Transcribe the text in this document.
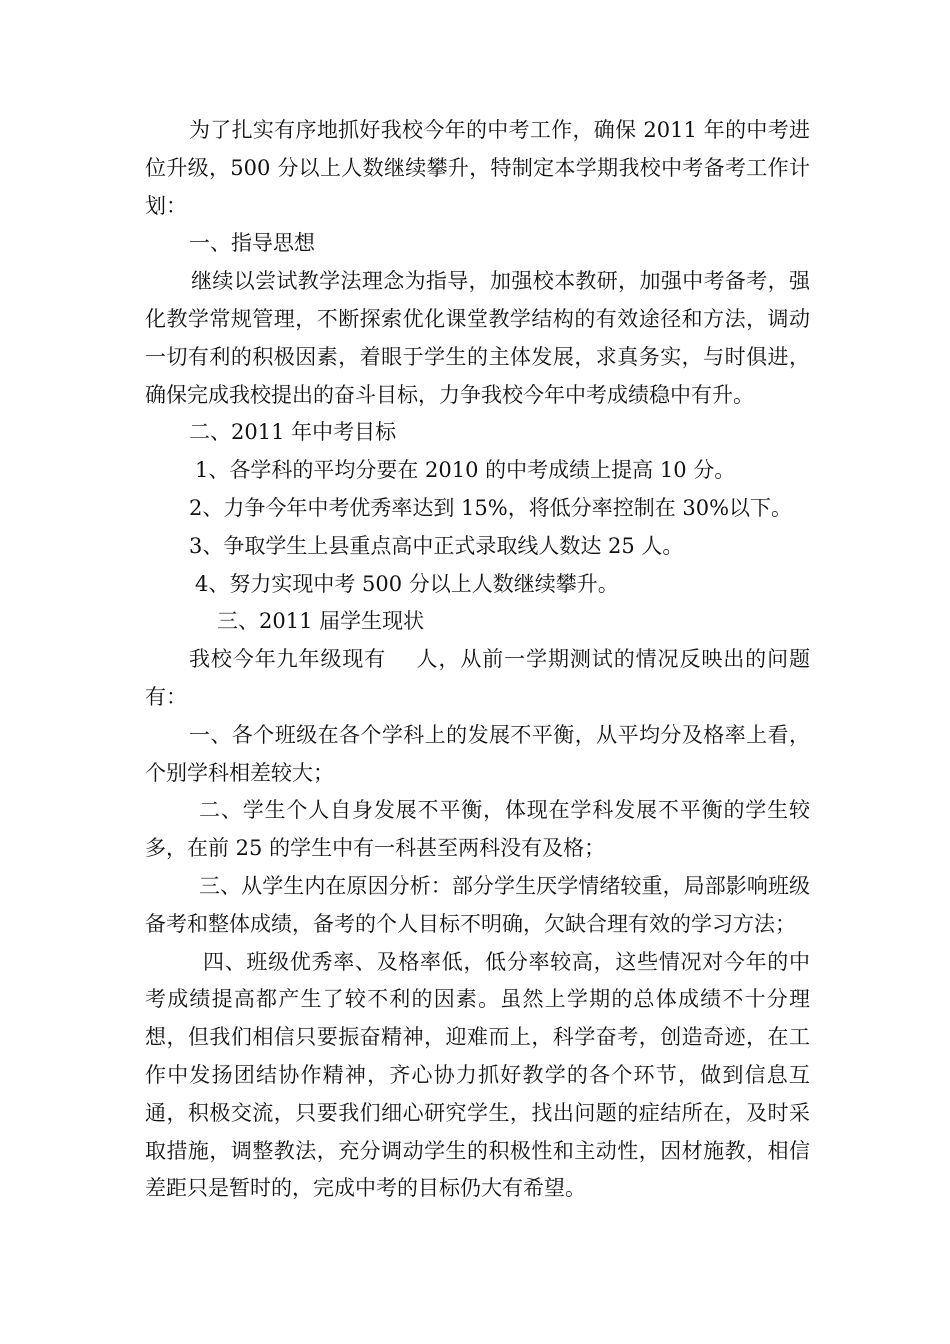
为了扎实有序地抓好我校今年的中考工作，确保 2011 年的中考进位升级，500 分以上人数继续攀升，特制定本学期我校中考备考工作计划：

一、指导思想

继续以尝试教学法理念为指导，加强校本教研，加强中考备考，强化教学常规管理，不断探索优化课堂教学结构的有效途径和方法，调动一切有利的积极因素，着眼于学生的主体发展，求真务实，与时俱进，确保完成我校提出的奋斗目标，力争我校今年中考成绩稳中有升。

二、2011 年中考目标

1、各学科的平均分要在 2010 的中考成绩上提高 10 分。

2、力争今年中考优秀率达到 15%，将低分率控制在 30%以下。

3、争取学生上县重点高中正式录取线人数达 25 人。

4、努力实现中考 500 分以上人数继续攀升。

三、2011 届学生现状

我校今年九年级现有    人，从前一学期测试的情况反映出的问题有：

一、各个班级在各个学科上的发展不平衡，从平均分及格率上看，个别学科相差较大；

二、学生个人自身发展不平衡，体现在学科发展不平衡的学生较多，在前 25 的学生中有一科甚至两科没有及格；

三、从学生内在原因分析：部分学生厌学情绪较重，局部影响班级备考和整体成绩，备考的个人目标不明确，欠缺合理有效的学习方法；

四、班级优秀率、及格率低，低分率较高，这些情况对今年的中考成绩提高都产生了较不利的因素。虽然上学期的总体成绩不十分理想，但我们相信只要振奋精神，迎难而上，科学奋考，创造奇迹，在工作中发扬团结协作精神，齐心协力抓好教学的各个环节，做到信息互通，积极交流，只要我们细心研究学生，找出问题的症结所在，及时采取措施，调整教法，充分调动学生的积极性和主动性，因材施教，相信差距只是暂时的，完成中考的目标仍大有希望。
